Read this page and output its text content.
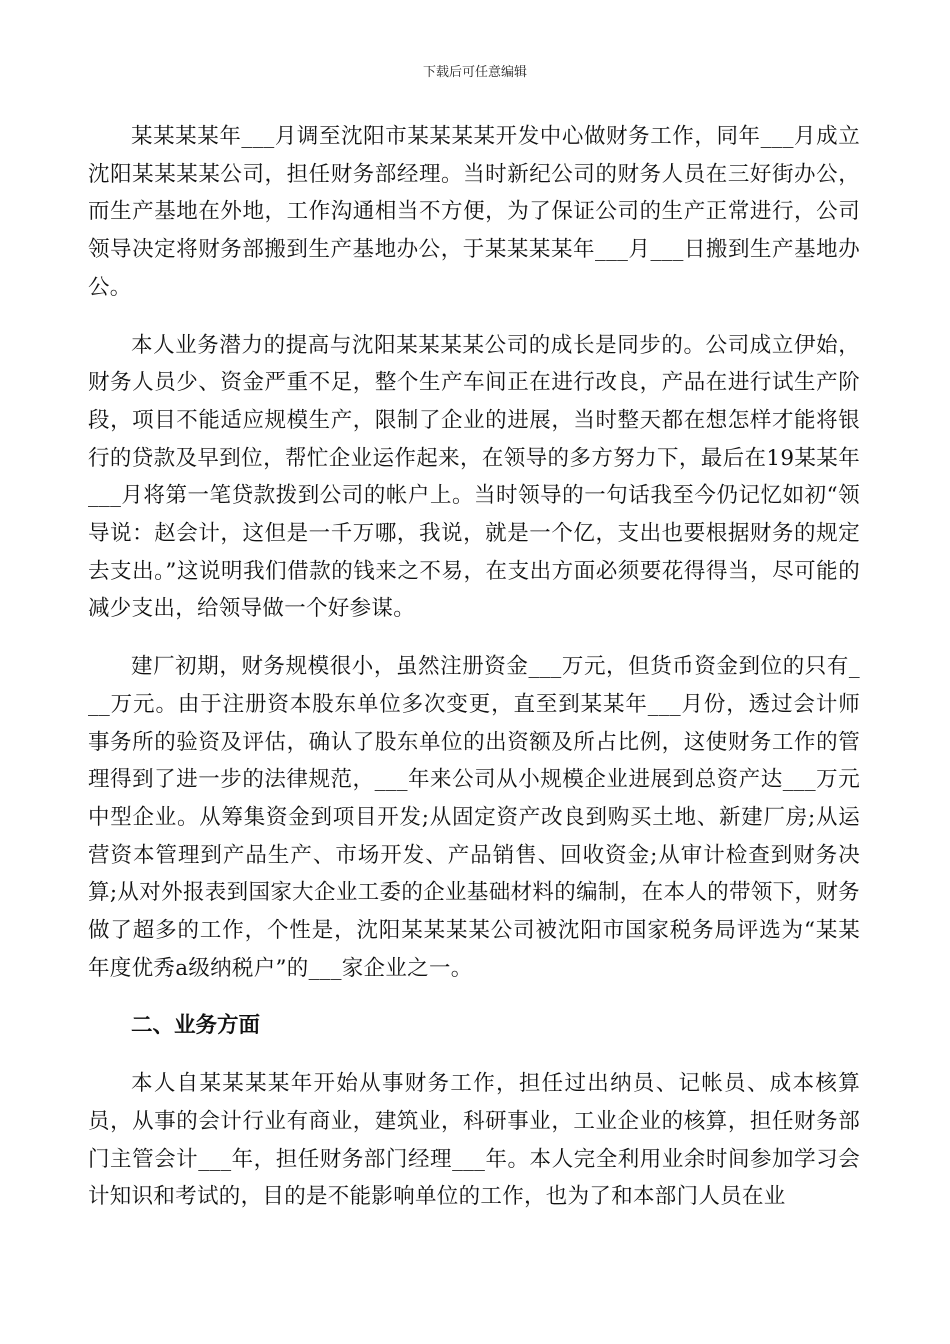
下载后可任意编辑

某某某某年___月调至沈阳市某某某某开发中心做财务工作，同年___月成立沈阳某某某某公司，担任财务部经理。当时新纪公司的财务人员在三好街办公，而生产基地在外地，工作沟通相当不方便，为了保证公司的生产正常进行，公司领导决定将财务部搬到生产基地办公，于某某某某年___月___日搬到生产基地办公。

本人业务潜力的提高与沈阳某某某某公司的成长是同步的。公司成立伊始，财务人员少、资金严重不足，整个生产车间正在进行改良，产品在进行试生产阶段，项目不能适应规模生产，限制了企业的进展，当时整天都在想怎样才能将银行的贷款及早到位，帮忙企业运作起来，在领导的多方努力下，最后在19某某年___月将第一笔贷款拨到公司的帐户上。当时领导的一句话我至今仍记忆如初“领导说：赵会计，这但是一千万哪，我说，就是一个亿，支出也要根据财务的规定去支出。”这说明我们借款的钱来之不易，在支出方面必须要花得得当，尽可能的减少支出，给领导做一个好参谋。

建厂初期，财务规模很小，虽然注册资金___万元，但货币资金到位的只有___万元。由于注册资本股东单位多次变更，直至到某某年___月份，透过会计师事务所的验资及评估，确认了股东单位的出资额及所占比例，这使财务工作的管理得到了进一步的法律规范，___年来公司从小规模企业进展到总资产达___万元中型企业。从筹集资金到项目开发;从固定资产改良到购买土地、新建厂房;从运营资本管理到产品生产、市场开发、产品销售、回收资金;从审计检查到财务决算;从对外报表到国家大企业工委的企业基础材料的编制，在本人的带领下，财务做了超多的工作，个性是，沈阳某某某某公司被沈阳市国家税务局评选为“某某年度优秀a级纳税户”的___家企业之一。

二、业务方面

本人自某某某某年开始从事财务工作，担任过出纳员、记帐员、成本核算员，从事的会计行业有商业，建筑业，科研事业，工业企业的核算，担任财务部门主管会计___年，担任财务部门经理___年。本人完全利用业余时间参加学习会计知识和考试的，目的是不能影响单位的工作，也为了和本部门人员在业
